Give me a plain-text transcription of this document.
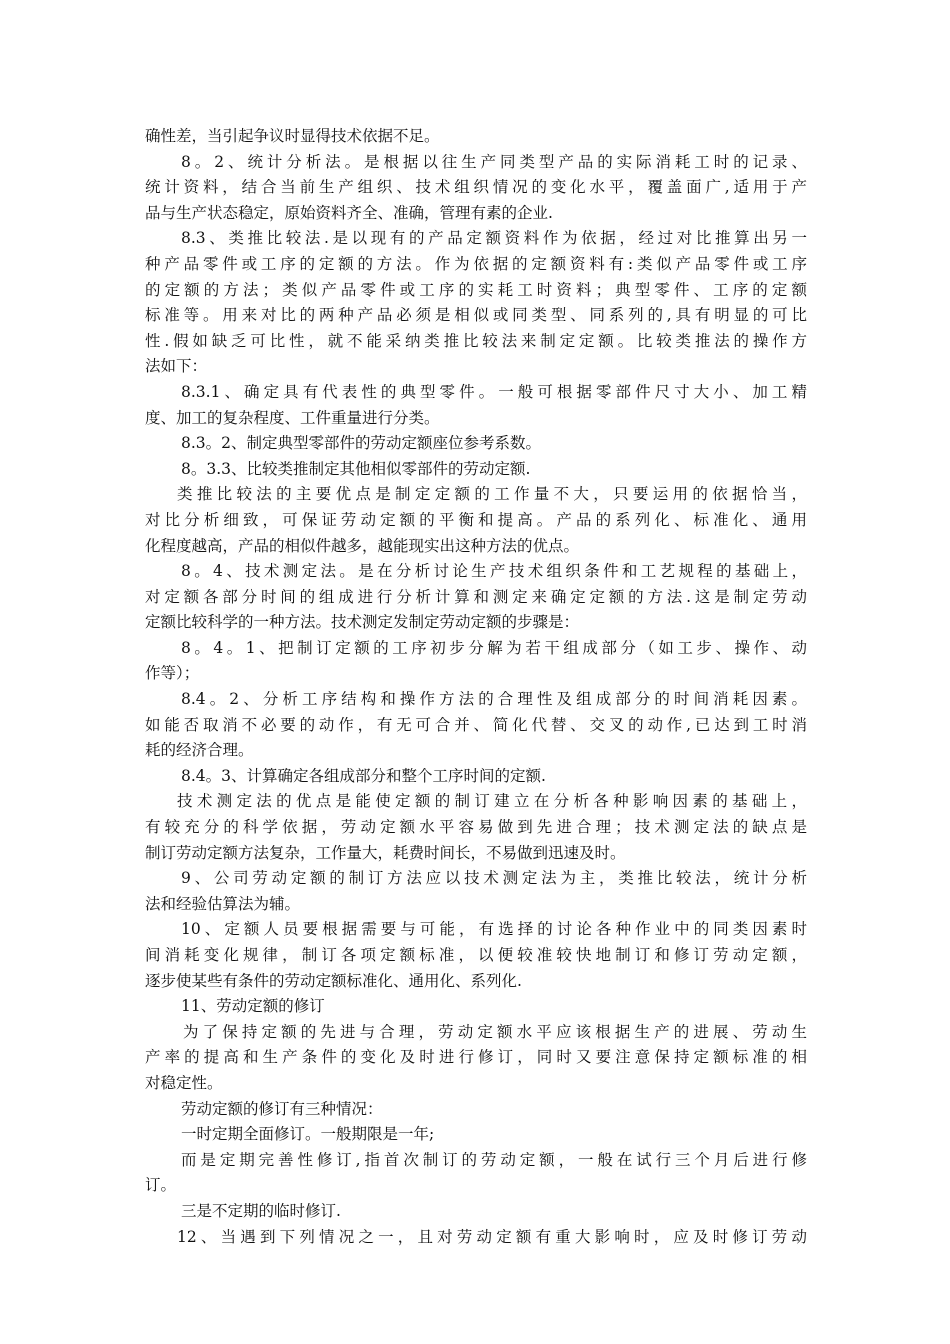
确性差，当引起争议时显得技术依据不足。
8。2、统计分析法。是根据以往生产同类型产品的实际消耗工时的记录、
统计资料，结合当前生产组织、技术组织情况的变化水平，覆盖面广,适用于产
品与生产状态稳定，原始资料齐全、准确，管理有素的企业.
8.3、类推比较法.是以现有的产品定额资料作为依据，经过对比推算出另一
种产品零件或工序的定额的方法。作为依据的定额资料有:类似产品零件或工序
的定额的方法；类似产品零件或工序的实耗工时资料；典型零件、工序的定额
标准等。用来对比的两种产品必须是相似或同类型、同系列的,具有明显的可比
性.假如缺乏可比性，就不能采纳类推比较法来制定定额。比较类推法的操作方
法如下：
8.3.1、确定具有代表性的典型零件。一般可根据零部件尺寸大小、加工精
度、加工的复杂程度、工件重量进行分类。
8.3。2、制定典型零部件的劳动定额座位参考系数。
8。3.3、比较类推制定其他相似零部件的劳动定额.
类推比较法的主要优点是制定定额的工作量不大，只要运用的依据恰当，
对比分析细致，可保证劳动定额的平衡和提高。产品的系列化、标准化、通用
化程度越高，产品的相似件越多，越能现实出这种方法的优点。
8。4、技术测定法。是在分析讨论生产技术组织条件和工艺规程的基础上，
对定额各部分时间的组成进行分析计算和测定来确定定额的方法.这是制定劳动
定额比较科学的一种方法。技术测定发制定劳动定额的步骤是：
8。4。1、把制订定额的工序初步分解为若干组成部分（如工步、操作、动
作等）；
8.4。2、分析工序结构和操作方法的合理性及组成部分的时间消耗因素。
如能否取消不必要的动作，有无可合并、简化代替、交叉的动作,已达到工时消
耗的经济合理。
8.4。3、计算确定各组成部分和整个工序时间的定额.
技术测定法的优点是能使定额的制订建立在分析各种影响因素的基础上，
有较充分的科学依据，劳动定额水平容易做到先进合理；技术测定法的缺点是
制订劳动定额方法复杂，工作量大，耗费时间长，不易做到迅速及时。
9、公司劳动定额的制订方法应以技术测定法为主，类推比较法，统计分析
法和经验估算法为辅。
10、定额人员要根据需要与可能，有选择的讨论各种作业中的同类因素时
间消耗变化规律，制订各项定额标准，以便较准较快地制订和修订劳动定额，
逐步使某些有条件的劳动定额标准化、通用化、系列化.
11、劳动定额的修订
为了保持定额的先进与合理，劳动定额水平应该根据生产的进展、劳动生
产率的提高和生产条件的变化及时进行修订，同时又要注意保持定额标准的相
对稳定性。
劳动定额的修订有三种情况：
一时定期全面修订。一般期限是一年;
而是定期完善性修订,指首次制订的劳动定额，一般在试行三个月后进行修
订。
三是不定期的临时修订.
12、当遇到下列情况之一，且对劳动定额有重大影响时，应及时修订劳动
